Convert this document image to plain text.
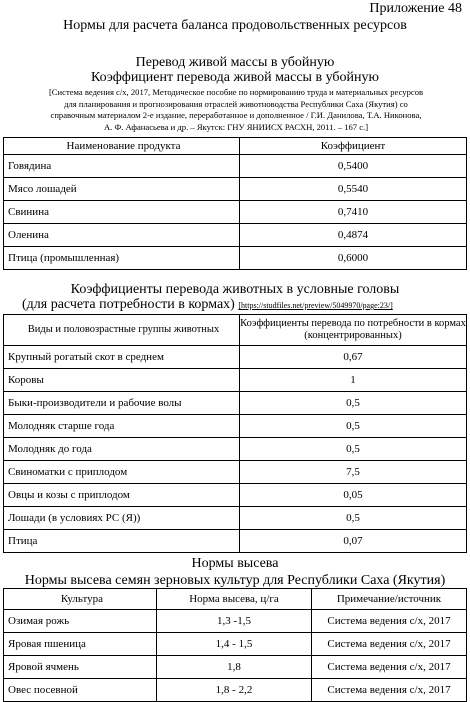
Приложение 48
Нормы для расчета баланса продовольственных ресурсов
Перевод живой массы в убойную
Коэффициент перевода живой массы в убойную
[Система ведения с/х, 2017, Методическое пособие по нормированию труда и материальных ресурсов
для планирования и прогнозирования отраслей животноводства Республики Саха (Якутия) со
справочным материалом 2-е издание, переработанное и дополненное / Г.И. Данилова, Т.А. Никонова,
А. Ф. Афанасьева и др. – Якутск: ГНУ ЯНИИСХ РАСХН, 2011. – 167 с.]
Наименование продукта	Коэффициент
Говядина	0,5400
Мясо лошадей	0,5540
Свинина	0,7410
Оленина	0,4874
Птица (промышленная)	0,6000
Коэффициенты перевода животных в условные головы
(для расчета потребности в кормах) [https://studfiles.net/preview/5049970/page:23/]
Виды и половозрастные группы животных	Коэффициенты перевода по потребности в кормах (концентрированных)
Крупный рогатый скот в среднем	0,67
Коровы	1
Быки-производители и рабочие волы	0,5
Молодняк старше года	0,5
Молодняк до года	0,5
Свиноматки с приплодом	7,5
Овцы и козы с приплодом	0,05
Лошади (в условиях РС (Я))	0,5
Птица	0,07
Нормы высева
Нормы высева семян зерновых культур для Республики Саха (Якутия)
Культура	Норма высева, ц/га	Примечание/источник
Озимая рожь	1,3 -1,5	Система ведения с/х, 2017
Яровая пшеница	1,4 - 1,5	Система ведения с/х, 2017
Яровой ячмень	1,8	Система ведения с/х, 2017
Овес посевной	1,8 - 2,2	Система ведения с/х, 2017
